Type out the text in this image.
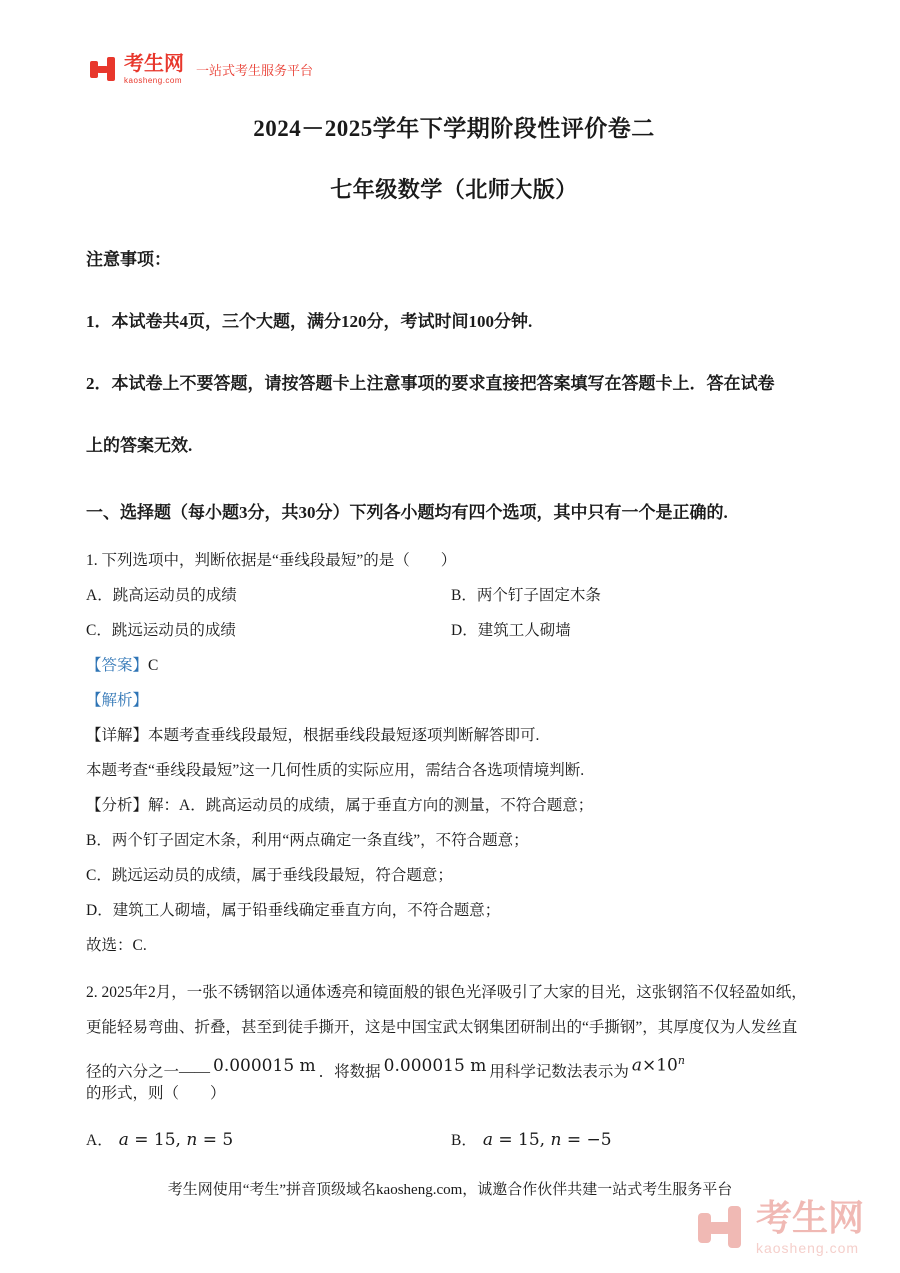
考生网
kaosheng.com
一站式考生服务平台
2024－2025学年下学期阶段性评价卷二
七年级数学（北师大版）

注意事项：

1．本试卷共4页，三个大题，满分120分，考试时间100分钟.

2．本试卷上不要答题，请按答题卡上注意事项的要求直接把答案填写在答题卡上．答在试卷

上的答案无效.

一、选择题（每小题3分，共30分）下列各小题均有四个选项，其中只有一个是正确的.

1. 下列选项中，判断依据是“垂线段最短”的是（　　）

A．跳高运动员的成绩	B．两个钉子固定木条
C．跳远运动员的成绩	D．建筑工人砌墙

【答案】C

【解析】

【详解】本题考查垂线段最短，根据垂线段最短逐项判断解答即可.

本题考查“垂线段最短”这一几何性质的实际应用，需结合各选项情境判断.

【分析】解：A．跳高运动员的成绩，属于垂直方向的测量，不符合题意；

B．两个钉子固定木条，利用“两点确定一条直线”，不符合题意；

C．跳远运动员的成绩，属于垂线段最短，符合题意；

D．建筑工人砌墙，属于铅垂线确定垂直方向，不符合题意；

故选：C.

2. 2025年2月，一张不锈钢箔以通体透亮和镜面般的银色光泽吸引了大家的目光，这张钢箔不仅轻盈如纸，

更能轻易弯曲、折叠，甚至到徒手撕开，这是中国宝武太钢集团研制出的“手撕钢”，其厚度仅为人发丝直

径的六分之一—— 0.000015 m ．将数据 0.000015 m 用科学记数法表示为 $a\times 10^n$的形式，则（　　）

A． a = 15, n = 5	B． a = 15, n = −5
考生网使用“考生”拼音顶级域名kaosheng.com，诚邀合作伙伴共建一站式考生服务平台
考生网
kaosheng.com
